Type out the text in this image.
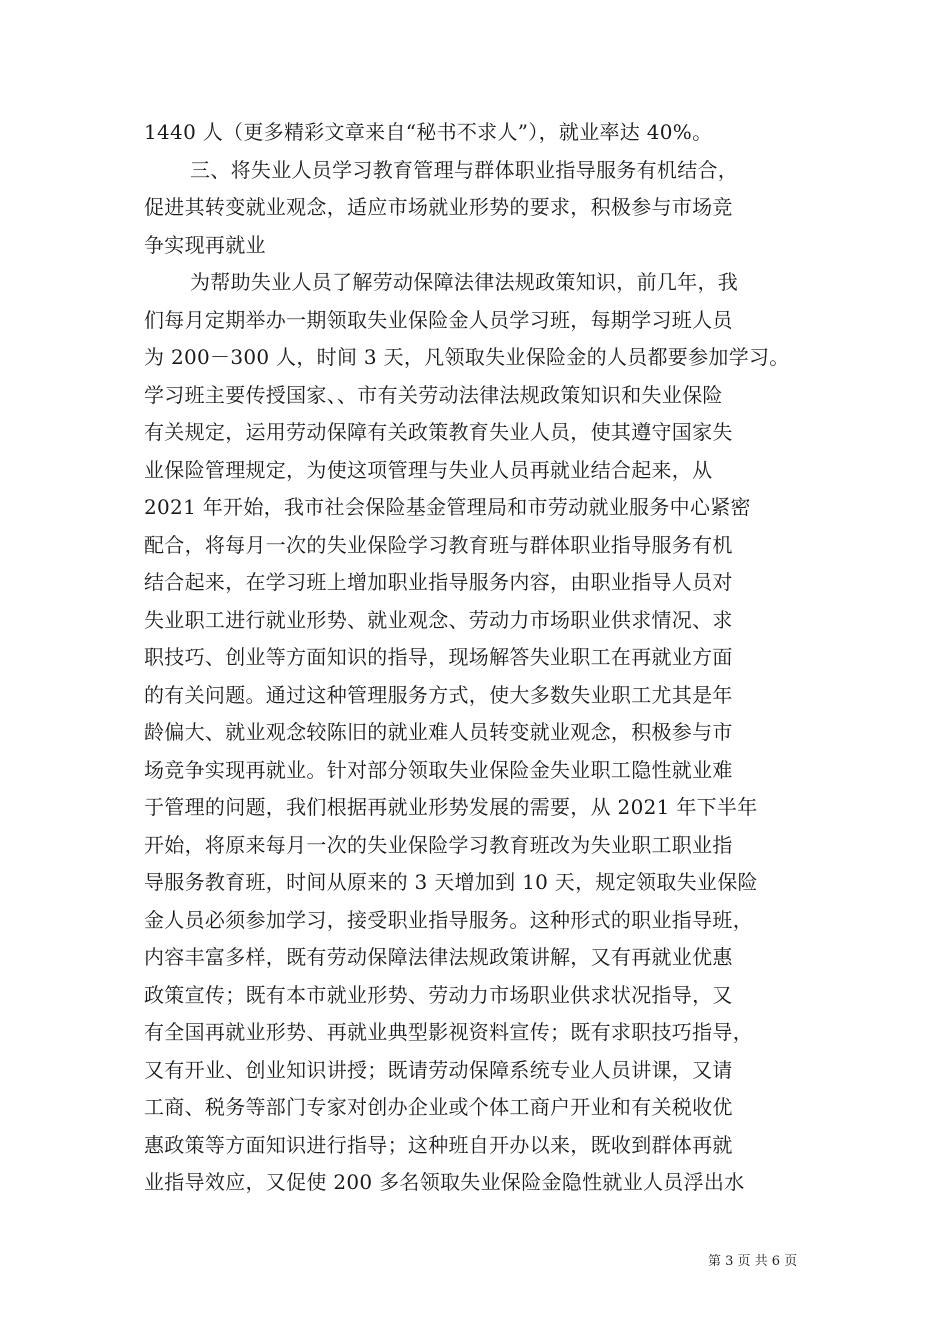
1440 人（更多精彩文章来自“秘书不求人”），就业率达 40%。
三、将失业人员学习教育管理与群体职业指导服务有机结合，
促进其转变就业观念，适应市场就业形势的要求，积极参与市场竞
争实现再就业
为帮助失业人员了解劳动保障法律法规政策知识，前几年，我
们每月定期举办一期领取失业保险金人员学习班，每期学习班人员
为 200－300 人，时间 3 天，凡领取失业保险金的人员都要参加学习。
学习班主要传授国家、、市有关劳动法律法规政策知识和失业保险
有关规定，运用劳动保障有关政策教育失业人员，使其遵守国家失
业保险管理规定，为使这项管理与失业人员再就业结合起来，从
2021 年开始，我市社会保险基金管理局和市劳动就业服务中心紧密
配合，将每月一次的失业保险学习教育班与群体职业指导服务有机
结合起来，在学习班上增加职业指导服务内容，由职业指导人员对
失业职工进行就业形势、就业观念、劳动力市场职业供求情况、求
职技巧、创业等方面知识的指导，现场解答失业职工在再就业方面
的有关问题。通过这种管理服务方式，使大多数失业职工尤其是年
龄偏大、就业观念较陈旧的就业难人员转变就业观念，积极参与市
场竞争实现再就业。针对部分领取失业保险金失业职工隐性就业难
于管理的问题，我们根据再就业形势发展的需要，从 2021 年下半年
开始，将原来每月一次的失业保险学习教育班改为失业职工职业指
导服务教育班，时间从原来的 3 天增加到 10 天，规定领取失业保险
金人员必须参加学习，接受职业指导服务。这种形式的职业指导班，
内容丰富多样，既有劳动保障法律法规政策讲解，又有再就业优惠
政策宣传；既有本市就业形势、劳动力市场职业供求状况指导，又
有全国再就业形势、再就业典型影视资料宣传；既有求职技巧指导，
又有开业、创业知识讲授；既请劳动保障系统专业人员讲课，又请
工商、税务等部门专家对创办企业或个体工商户开业和有关税收优
惠政策等方面知识进行指导；这种班自开办以来，既收到群体再就
业指导效应，又促使 200 多名领取失业保险金隐性就业人员浮出水
第 3 页 共 6 页
